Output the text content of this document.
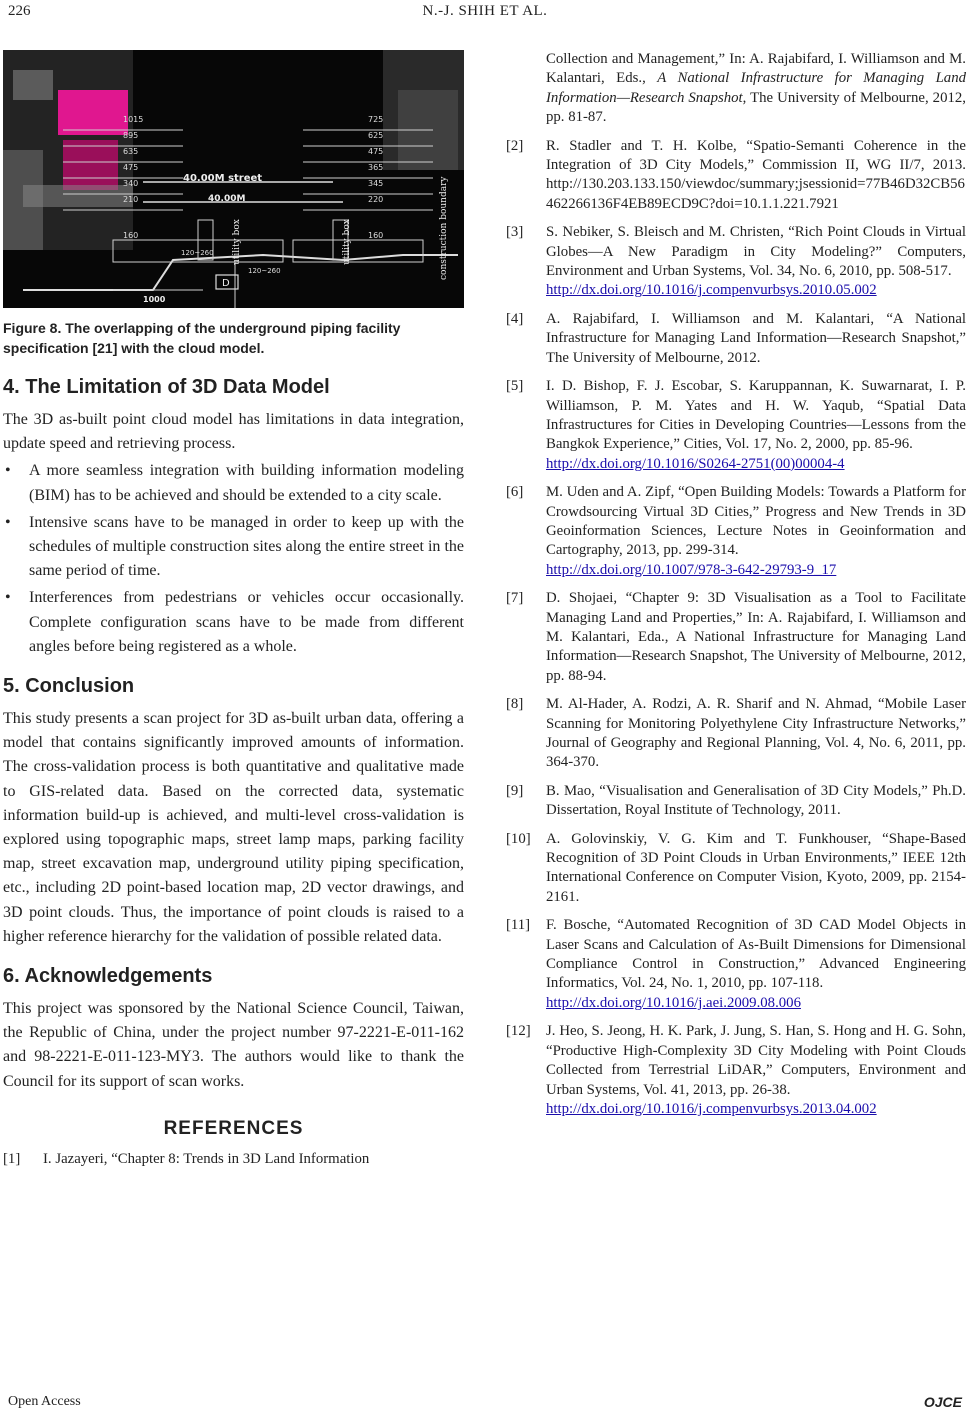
226	N.-J. SHIH ET AL.
D
40.00M street
40.00M
1015
895
635
475
340
210
160
725
625
475
365
345
220
160
120~260
120~260
1000
utility box	utility box	construction boundary
Figure 8. The overlapping of the underground piping facility specification [21] with the cloud model.
4. The Limitation of 3D Data Model

The 3D as-built point cloud model has limitations in data integration, update speed and retrieving process.

• A more seamless integration with building information modeling (BIM) has to be achieved and should be extended to a city scale.
• Intensive scans have to be managed in order to keep up with the schedules of multiple construction sites along the entire street in the same period of time.
• Interferences from pedestrians or vehicles occur occasionally. Complete configuration scans have to be made from different angles before being registered as a whole.
5. Conclusion

This study presents a scan project for 3D as-built urban data, offering a model that contains significantly improved amounts of information. The cross-validation process is both quantitative and qualitative made to GIS-related data. Based on the corrected data, systematic information build-up is achieved, and multi-level cross-validation is explored using topographic maps, street lamp maps, parking facility map, street excavation map, underground utility piping specification, etc., including 2D point-based location map, 2D vector drawings, and 3D point clouds. Thus, the importance of point clouds is raised to a higher reference hierarchy for the validation of possible related data.

6. Acknowledgements

This project was sponsored by the National Science Council, Taiwan, the Republic of China, under the project number 97-2221-E-011-162 and 98-2221-E-011-123-MY3. The authors would like to thank the Council for its support of scan works.

REFERENCES
[1]	I. Jazayeri, “Chapter 8: Trends in 3D Land Information
Collection and Management,” In: A. Rajabifard, I. Williamson and M. Kalantari, Eds., A National Infrastructure for Managing Land Information—Research Snapshot, The University of Melbourne, 2012, pp. 81-87.
[2]	R. Stadler and T. H. Kolbe, “Spatio-Semanti Coherence in the Integration of 3D City Models,” Commission II, WG II/7, 2013. http://130.203.133.150/viewdoc/summary;jsessionid=77B46D32CB56462266136F4EB89ECD9C?doi=10.1.1.221.7921
[3]	S. Nebiker, S. Bleisch and M. Christen, “Rich Point Clouds in Virtual Globes—A New Paradigm in City Modeling?” Computers, Environment and Urban Systems, Vol. 34, No. 6, 2010, pp. 508-517.
http://dx.doi.org/10.1016/j.compenvurbsys.2010.05.002
[4]	A. Rajabifard, I. Williamson and M. Kalantari, “A National Infrastructure for Managing Land Information—Research Snapshot,” The University of Melbourne, 2012.
[5]	I. D. Bishop, F. J. Escobar, S. Karuppannan, K. Suwarnarat, I. P. Williamson, P. M. Yates and H. W. Yaqub, “Spatial Data Infrastructures for Cities in Developing Countries—Lessons from the Bangkok Experience,” Cities, Vol. 17, No. 2, 2000, pp. 85-96.
http://dx.doi.org/10.1016/S0264-2751(00)00004-4
[6]	M. Uden and A. Zipf, “Open Building Models: Towards a Platform for Crowdsourcing Virtual 3D Cities,” Progress and New Trends in 3D Geoinformation Sciences, Lecture Notes in Geoinformation and Cartography, 2013, pp. 299-314.
http://dx.doi.org/10.1007/978-3-642-29793-9_17
[7]	D. Shojaei, “Chapter 9: 3D Visualisation as a Tool to Facilitate Managing Land and Properties,” In: A. Rajabifard, I. Williamson and M. Kalantari, Eda., A National Infrastructure for Managing Land Information—Research Snapshot, The University of Melbourne, 2012, pp. 88-94.
[8]	M. Al-Hader, A. Rodzi, A. R. Sharif and N. Ahmad, “Mobile Laser Scanning for Monitoring Polyethylene City Infrastructure Networks,” Journal of Geography and Regional Planning, Vol. 4, No. 6, 2011, pp. 364-370.
[9]	B. Mao, “Visualisation and Generalisation of 3D City Models,” Ph.D. Dissertation, Royal Institute of Technology, 2011.
[10]	A. Golovinskiy, V. G. Kim and T. Funkhouser, “Shape-Based Recognition of 3D Point Clouds in Urban Environments,” IEEE 12th International Conference on Computer Vision, Kyoto, 2009, pp. 2154-2161.
[11]	F. Bosche, “Automated Recognition of 3D CAD Model Objects in Laser Scans and Calculation of As-Built Dimensions for Dimensional Compliance Control in Construction,” Advanced Engineering Informatics, Vol. 24, No. 1, 2010, pp. 107-118.
http://dx.doi.org/10.1016/j.aei.2009.08.006
[12]	J. Heo, S. Jeong, H. K. Park, J. Jung, S. Han, S. Hong and H. G. Sohn, “Productive High-Complexity 3D City Modeling with Point Clouds Collected from Terrestrial LiDAR,” Computers, Environment and Urban Systems, Vol. 41, 2013, pp. 26-38.
http://dx.doi.org/10.1016/j.compenvurbsys.2013.04.002
Open Access	OJCE
